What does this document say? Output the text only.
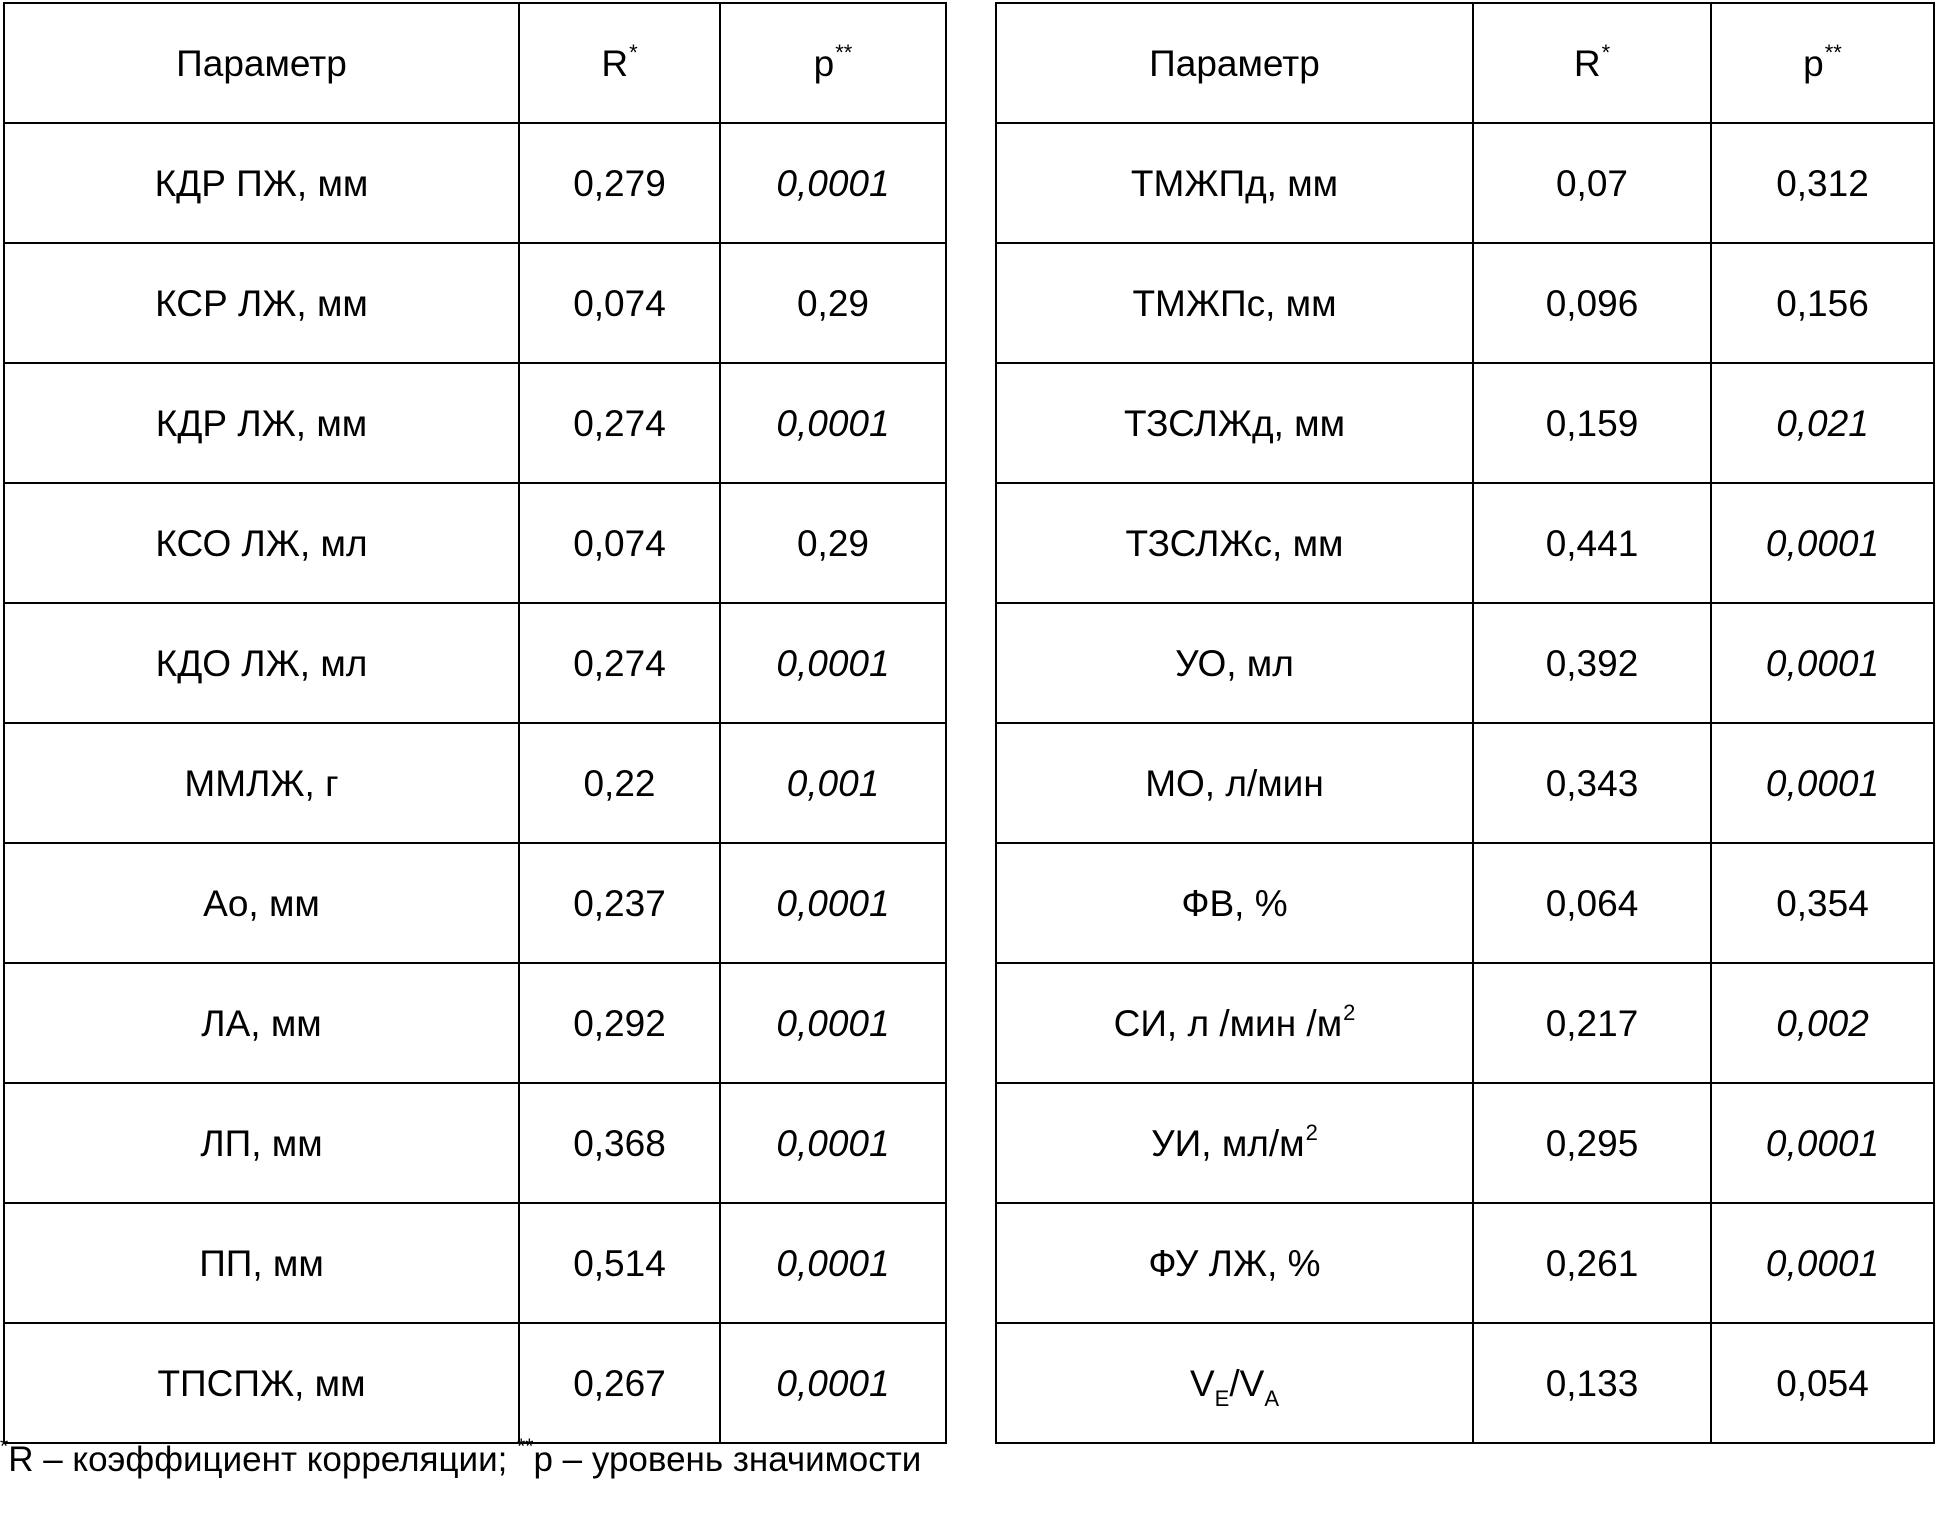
Параметр	R*	p**
КДР ПЖ, мм	0,279	0,0001
КСР ЛЖ, мм	0,074	0,29
КДР ЛЖ, мм	0,274	0,0001
КСО ЛЖ, мл	0,074	0,29
КДО ЛЖ, мл	0,274	0,0001
ММЛЖ, г	0,22	0,001
Ао, мм	0,237	0,0001
ЛА, мм	0,292	0,0001
ЛП, мм	0,368	0,0001
ПП, мм	0,514	0,0001
ТПСПЖ, мм	0,267	0,0001
Параметр	R*	p**
ТМЖПд, мм	0,07	0,312
ТМЖПс, мм	0,096	0,156
ТЗСЛЖд, мм	0,159	0,021
ТЗСЛЖс, мм	0,441	0,0001
УО, мл	0,392	0,0001
МО, л/мин	0,343	0,0001
ФВ, %	0,064	0,354
СИ, л /мин $/м^2$	0,217	0,002
УИ, $мл/м^2$	0,295	0,0001
ФУ ЛЖ, %	0,261	0,0001
$V_E/V_A$	0,133	0,054
*R – коэффициент корреляции; **p – уровень значимости
